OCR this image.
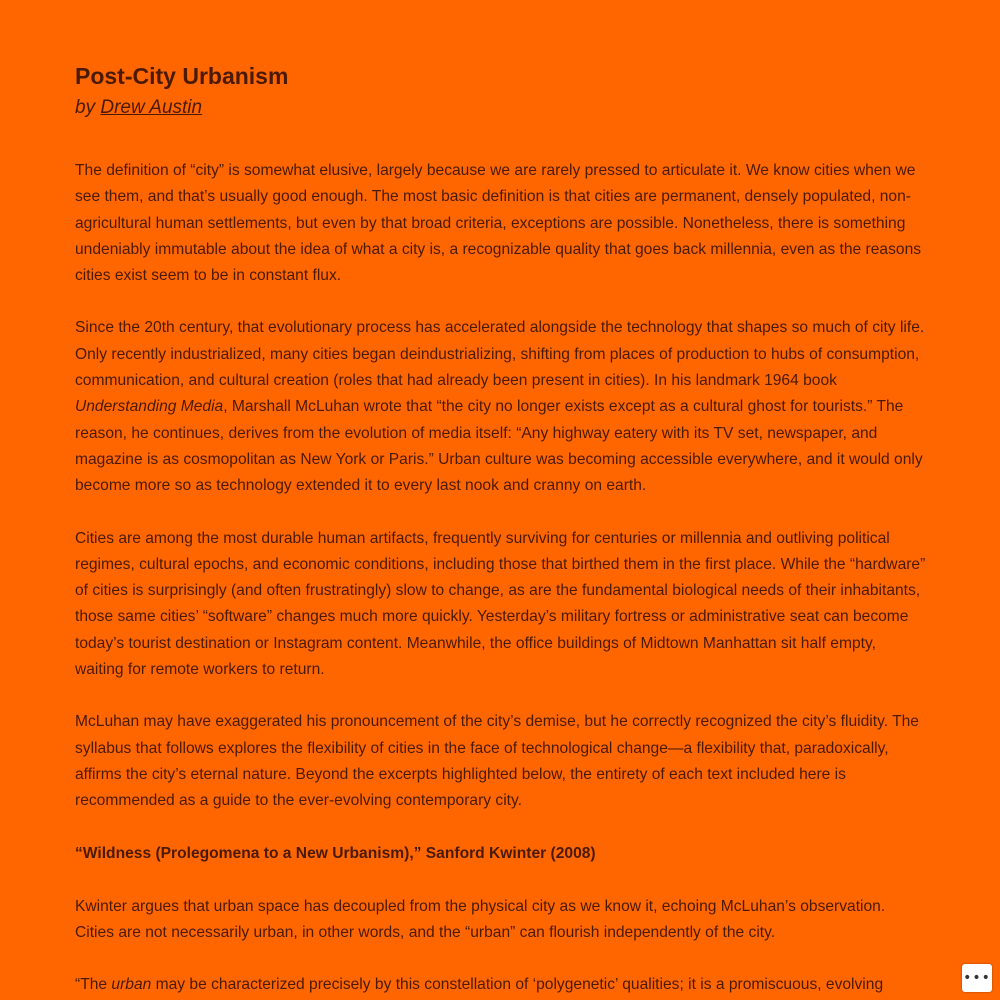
Post-City Urbanism

by Drew Austin

The definition of “city” is somewhat elusive, largely because we are rarely pressed to articulate it. We know cities when we see them, and that’s usually good enough. The most basic definition is that cities are permanent, densely populated, non-agricultural human settlements, but even by that broad criteria, exceptions are possible. Nonetheless, there is something undeniably immutable about the idea of what a city is, a recognizable quality that goes back millennia, even as the reasons cities exist seem to be in constant flux.

Since the 20th century, that evolutionary process has accelerated alongside the technology that shapes so much of city life. Only recently industrialized, many cities began deindustrializing, shifting from places of production to hubs of consumption, communication, and cultural creation (roles that had already been present in cities). In his landmark 1964 book Understanding Media, Marshall McLuhan wrote that “the city no longer exists except as a cultural ghost for tourists.” The reason, he continues, derives from the evolution of media itself: “Any highway eatery with its TV set, newspaper, and magazine is as cosmopolitan as New York or Paris.” Urban culture was becoming accessible everywhere, and it would only become more so as technology extended it to every last nook and cranny on earth.

Cities are among the most durable human artifacts, frequently surviving for centuries or millennia and outliving political regimes, cultural epochs, and economic conditions, including those that birthed them in the first place. While the “hardware” of cities is surprisingly (and often frustratingly) slow to change, as are the fundamental biological needs of their inhabitants, those same cities’ “software” changes much more quickly. Yesterday’s military fortress or administrative seat can become today’s tourist destination or Instagram content. Meanwhile, the office buildings of Midtown Manhattan sit half empty, waiting for remote workers to return.

McLuhan may have exaggerated his pronouncement of the city’s demise, but he correctly recognized the city’s fluidity. The syllabus that follows explores the flexibility of cities in the face of technological change—a flexibility that, paradoxically, affirms the city’s eternal nature. Beyond the excerpts highlighted below, the entirety of each text included here is recommended as a guide to the ever-evolving contemporary city.

“Wildness (Prolegomena to a New Urbanism),” Sanford Kwinter (2008)

Kwinter argues that urban space has decoupled from the physical city as we know it, echoing McLuhan’s observation. Cities are not necessarily urban, in other words, and the “urban” can flourish independently of the city.

“The urban may be characterized precisely by this constellation of ‘polygenetic’ qualities; it is a promiscuous, evolving	•••
